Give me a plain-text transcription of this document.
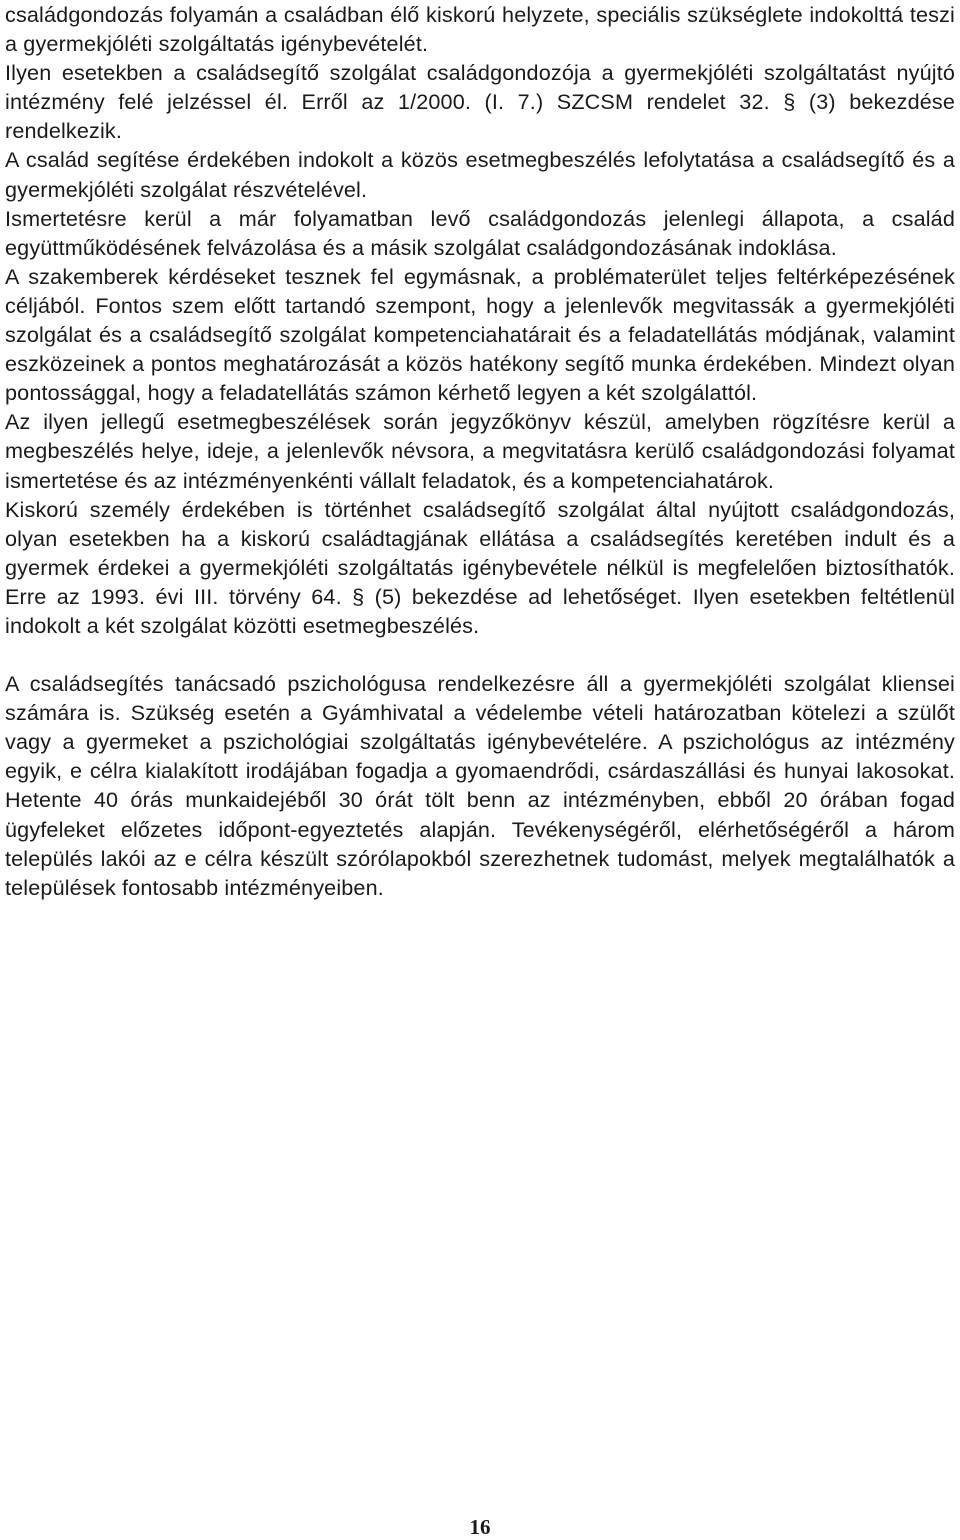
családgondozás folyamán a családban élő kiskorú helyzete, speciális szükséglete indokolttá teszi a gyermekjóléti szolgáltatás igénybevételét.

Ilyen esetekben a családsegítő szolgálat családgondozója a gyermekjóléti szolgáltatást nyújtó intézmény felé jelzéssel él. Erről az 1/2000. (I. 7.) SZCSM rendelet 32. § (3) bekezdése rendelkezik.

A család segítése érdekében indokolt a közös esetmegbeszélés lefolytatása a családsegítő és a gyermekjóléti szolgálat részvételével.

Ismertetésre kerül a már folyamatban levő családgondozás jelenlegi állapota, a család együttműködésének felvázolása és a másik szolgálat családgondozásának indoklása.

A szakemberek kérdéseket tesznek fel egymásnak, a problématerület teljes feltérképezésének céljából. Fontos szem előtt tartandó szempont, hogy a jelenlevők megvitassák a gyermekjóléti szolgálat és a családsegítő szolgálat kompetenciahatárait és a feladatellátás módjának, valamint eszközeinek a pontos meghatározását a közös hatékony segítő munka érdekében. Mindezt olyan pontossággal, hogy a feladatellátás számon kérhető legyen a két szolgálattól.

Az ilyen jellegű esetmegbeszélések során jegyzőkönyv készül, amelyben rögzítésre kerül a megbeszélés helye, ideje, a jelenlevők névsora, a megvitatásra kerülő családgondozási folyamat ismertetése és az intézményenkénti vállalt feladatok, és a kompetenciahatárok.

Kiskorú személy érdekében is történhet családsegítő szolgálat által nyújtott családgondozás, olyan esetekben ha a kiskorú családtagjának ellátása a családsegítés keretében indult és a gyermek érdekei a gyermekjóléti szolgáltatás igénybevétele nélkül is megfelelően biztosíthatók. Erre az 1993. évi III. törvény 64. § (5) bekezdése ad lehetőséget. Ilyen esetekben feltétlenül indokolt a két szolgálat közötti esetmegbeszélés.

A családsegítés tanácsadó pszichológusa rendelkezésre áll a gyermekjóléti szolgálat kliensei számára is. Szükség esetén a Gyámhivatal a védelembe vételi határozatban kötelezi a szülőt vagy a gyermeket a pszichológiai szolgáltatás igénybevételére. A pszichológus az intézmény egyik, e célra kialakított irodájában fogadja a gyomaendrődi, csárdaszállási és hunyai lakosokat. Hetente 40 órás munkaidejéből 30 órát tölt benn az intézményben, ebből 20 órában fogad ügyfeleket előzetes időpont-egyeztetés alapján. Tevékenységéről, elérhetőségéről a három település lakói az e célra készült szórólapokból szerezhetnek tudomást, melyek megtalálhatók a települések fontosabb intézményeiben.

16
